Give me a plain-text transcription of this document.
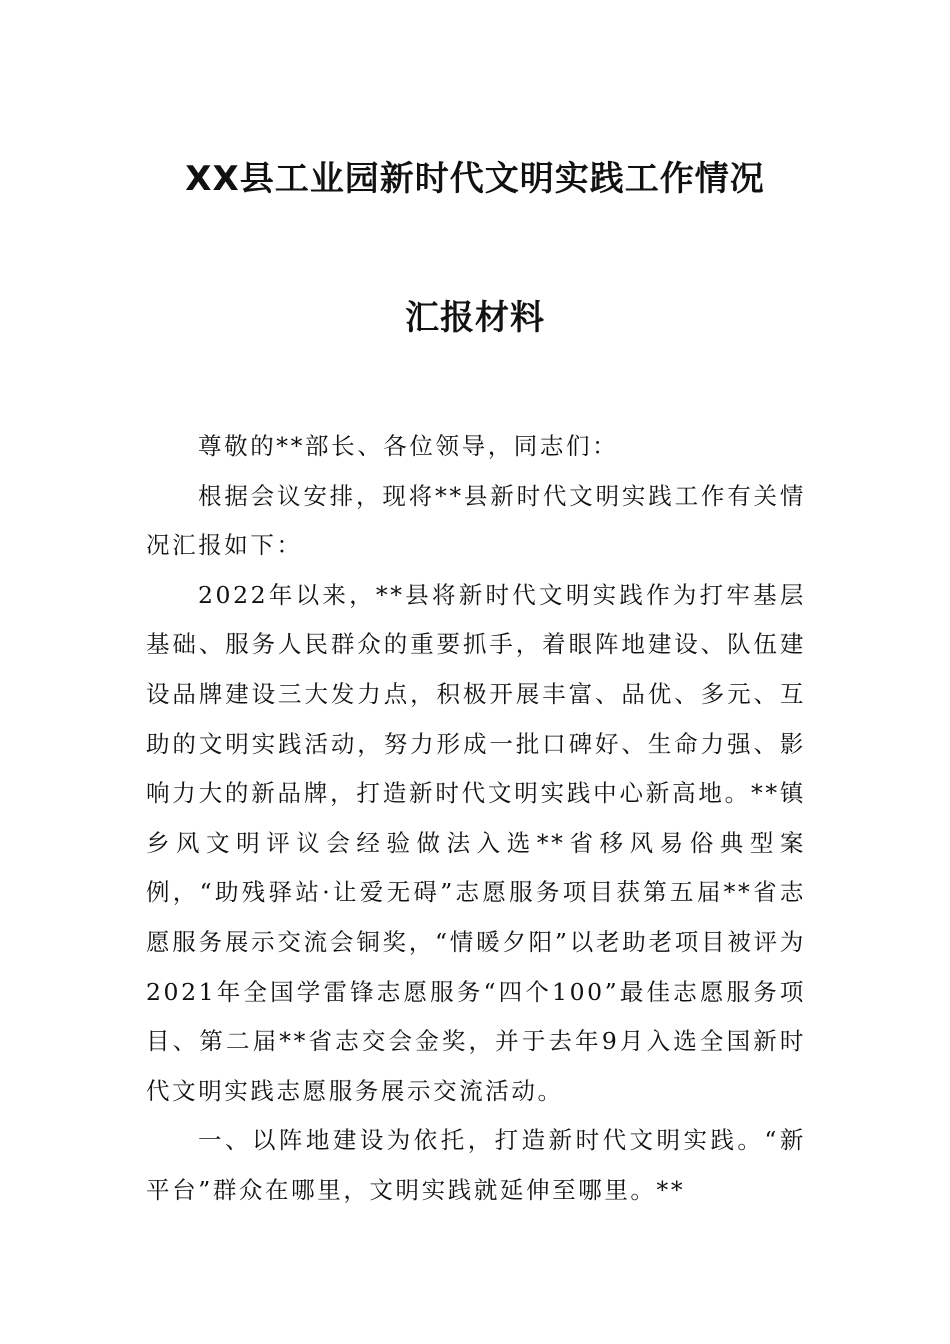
XX县工业园新时代文明实践工作情况
汇报材料

尊敬的**部长、各位领导，同志们：

根据会议安排，现将**县新时代文明实践工作有关情况汇报如下：

2022年以来，**县将新时代文明实践作为打牢基层基础、服务人民群众的重要抓手，着眼阵地建设、队伍建设品牌建设三大发力点，积极开展丰富、品优、多元、互助的文明实践活动，努力形成一批口碑好、生命力强、影响力大的新品牌，打造新时代文明实践中心新高地。**镇乡风文明评议会经验做法入选**省移风易俗典型案例，“助残驿站·让爱无碍”志愿服务项目获第五届**省志愿服务展示交流会铜奖，“情暖夕阳”以老助老项目被评为2021年全国学雷锋志愿服务“四个100”最佳志愿服务项目、第二届**省志交会金奖，并于去年9月入选全国新时代文明实践志愿服务展示交流活动。

一、以阵地建设为依托，打造新时代文明实践。“新平台”群众在哪里，文明实践就延伸至哪里。**
